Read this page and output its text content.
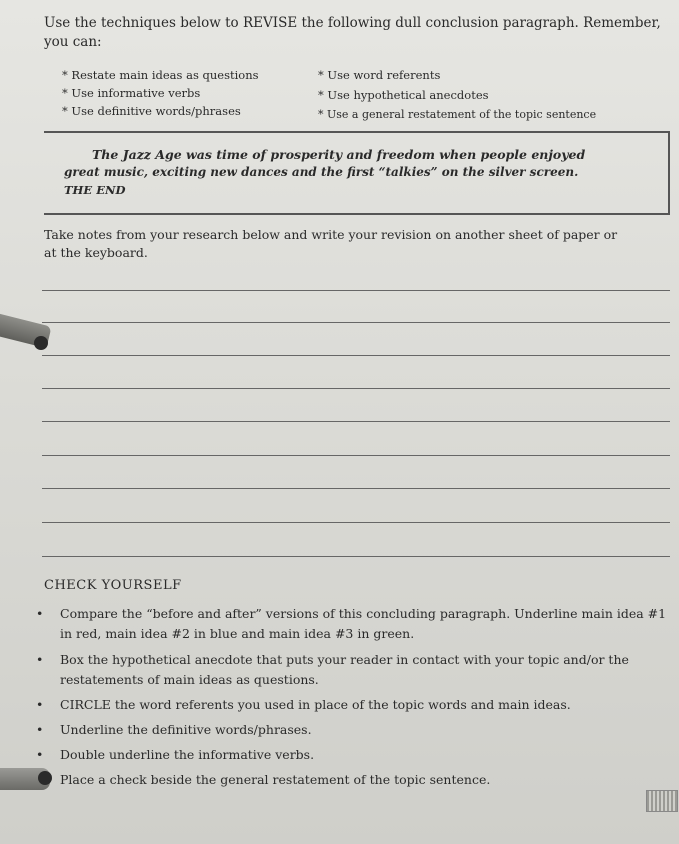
Use the techniques below to REVISE the following dull conclusion paragraph. Remember,
you can:
* Restate main ideas as questions
* Use informative verbs
* Use definitive words/phrases
* Use word referents
* Use hypothetical anecdotes
* Use a general restatement of the topic sentence

The Jazz Age was time of prosperity and freedom when people enjoyed

great music, exciting new dances and the first “talkies” on the silver screen.

THE END

Take notes from your research below and write your revision on another sheet of paper or
at the keyboard.
CHECK YOURSELF
• Compare the “before and after” versions of this concluding paragraph. Underline main idea #1 in red, main idea #2 in blue and main idea #3 in green.
• Box the hypothetical anecdote that puts your reader in contact with your topic and/or the restatements of main ideas as questions.
• CIRCLE the word referents you used in place of the topic words and main ideas.
• Underline the definitive words/phrases.
• Double underline the informative verbs.
Place a check beside the general restatement of the topic sentence.
